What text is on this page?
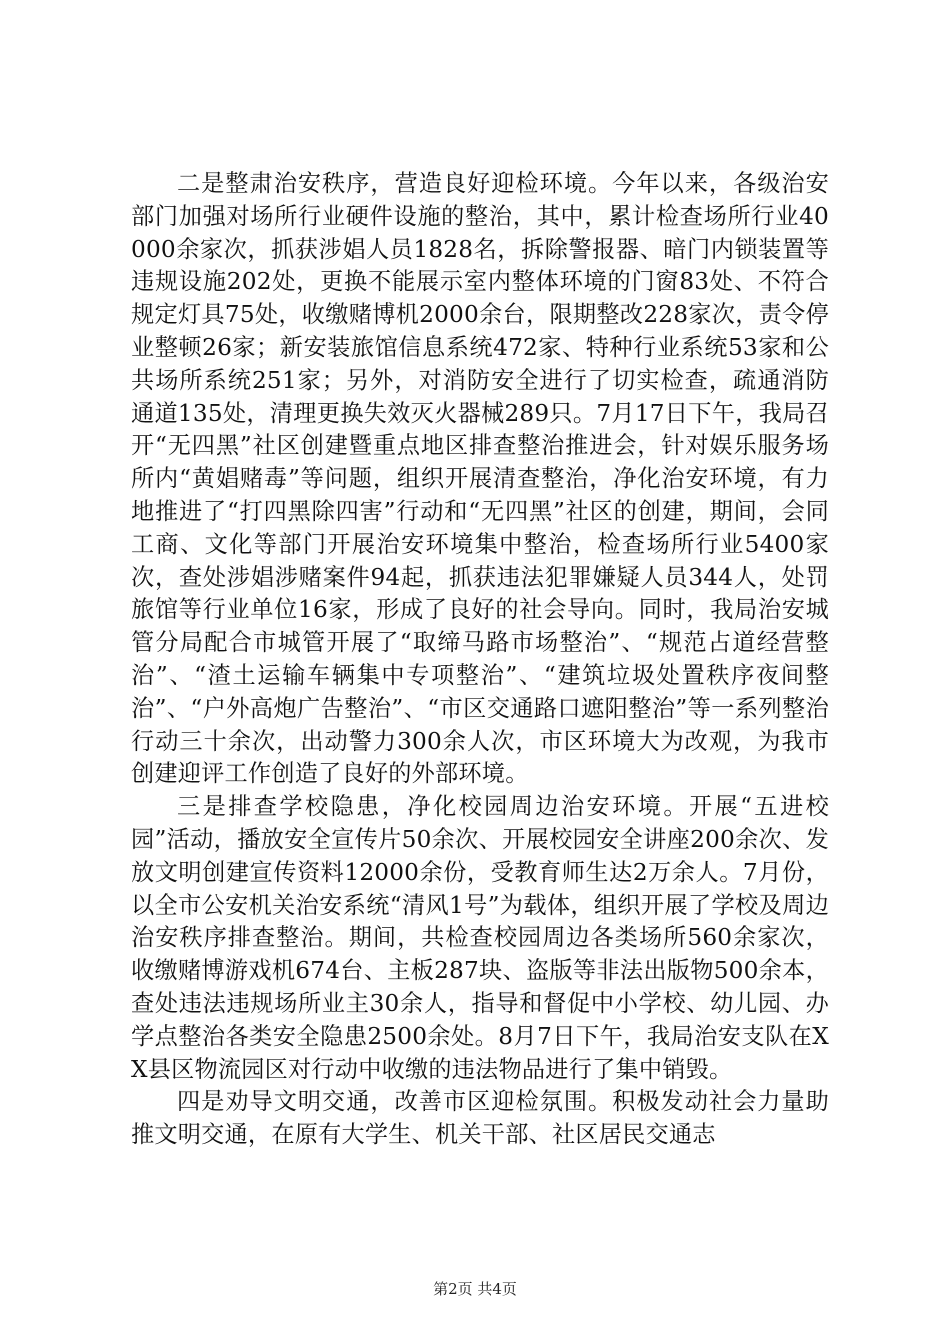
二是整肃治安秩序，营造良好迎检环境。今年以来，各级治安部门加强对场所行业硬件设施的整治，其中，累计检查场所行业40000余家次，抓获涉娼人员1828名，拆除警报器、暗门内锁装置等违规设施202处，更换不能展示室内整体环境的门窗83处、不符合规定灯具75处，收缴赌博机2000余台，限期整改228家次，责令停业整顿26家；新安装旅馆信息系统472家、特种行业系统53家和公共场所系统251家；另外，对消防安全进行了切实检查，疏通消防通道135处，清理更换失效灭火器械289只。7月17日下午，我局召开“无四黑”社区创建暨重点地区排查整治推进会，针对娱乐服务场所内“黄娼赌毒”等问题，组织开展清查整治，净化治安环境，有力地推进了“打四黑除四害”行动和“无四黑”社区的创建，期间，会同工商、文化等部门开展治安环境集中整治，检查场所行业5400家次，查处涉娼涉赌案件94起，抓获违法犯罪嫌疑人员344人，处罚旅馆等行业单位16家，形成了良好的社会导向。同时，我局治安城管分局配合市城管开展了“取缔马路市场整治”、“规范占道经营整治”、“渣土运输车辆集中专项整治”、“建筑垃圾处置秩序夜间整治”、“户外高炮广告整治”、“市区交通路口遮阳整治”等一系列整治行动三十余次，出动警力300余人次，市区环境大为改观，为我市创建迎评工作创造了良好的外部环境。

三是排查学校隐患，净化校园周边治安环境。开展“五进校园”活动，播放安全宣传片50余次、开展校园安全讲座200余次、发放文明创建宣传资料12000余份，受教育师生达2万余人。7月份，以全市公安机关治安系统“清风1号”为载体，组织开展了学校及周边治安秩序排查整治。期间，共检查校园周边各类场所560余家次，收缴赌博游戏机674台、主板287块、盗版等非法出版物500余本，查处违法违规场所业主30余人，指导和督促中小学校、幼儿园、办学点整治各类安全隐患2500余处。8月7日下午，我局治安支队在XX县区物流园区对行动中收缴的违法物品进行了集中销毁。

四是劝导文明交通，改善市区迎检氛围。积极发动社会力量助推文明交通，在原有大学生、机关干部、社区居民交通志

第2页 共4页
